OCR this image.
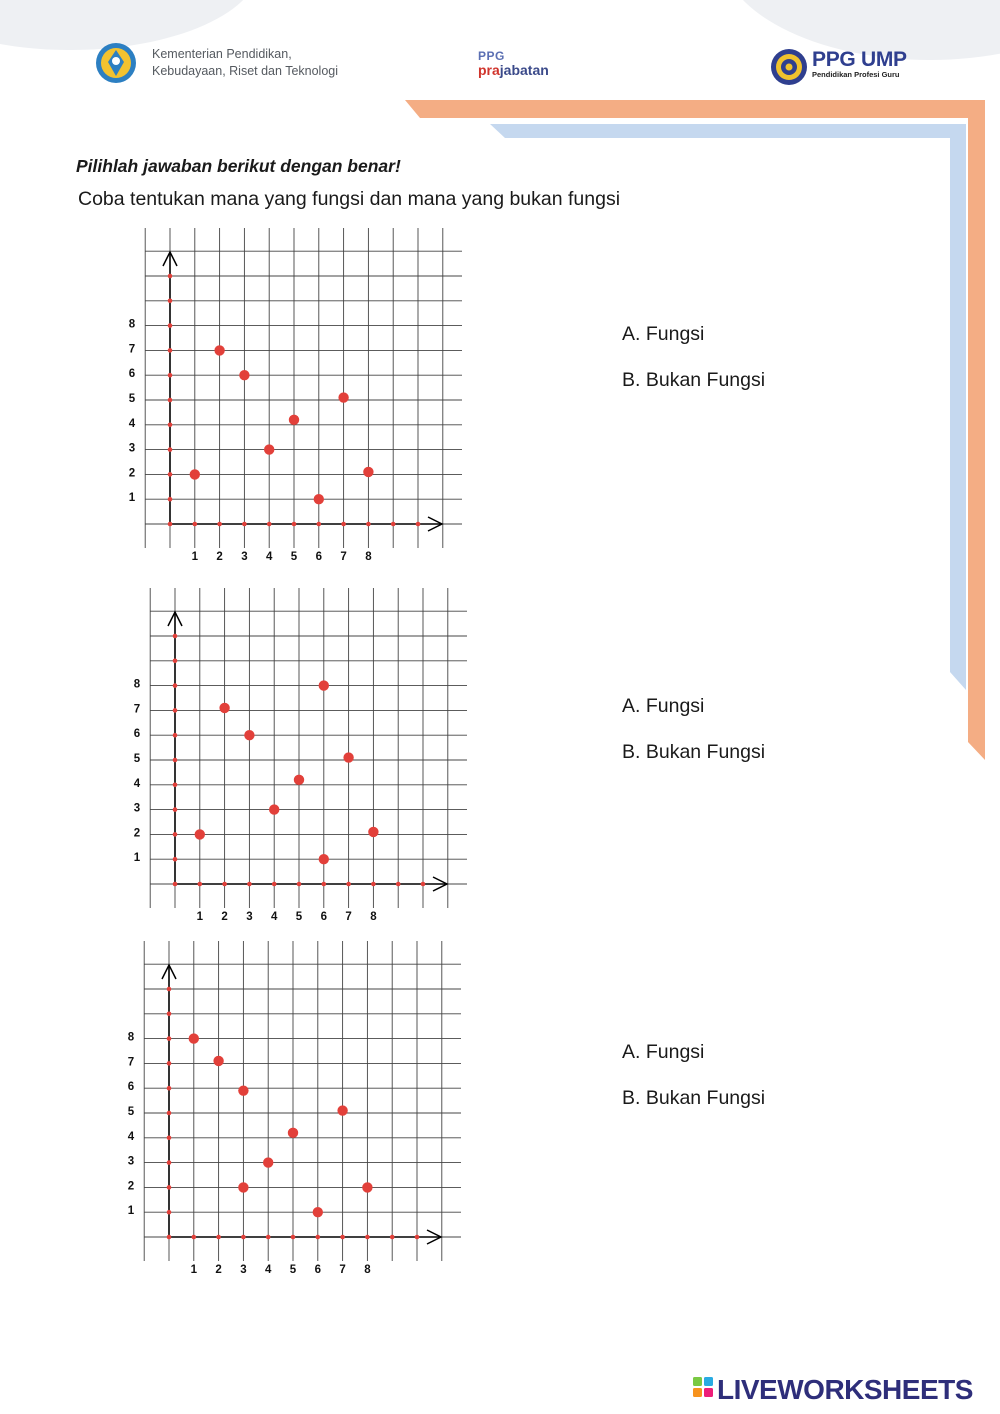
Kementerian Pendidikan,
Kebudayaan, Riset dan Teknologi
PPG
prajabatan	PPG UMP
Pendidikan Profesi Guru
Pilihlah jawaban berikut dengan benar!
Coba tentukan mana yang fungsi dan mana yang bukan fungsi
1 2 3 4 5 6 7 8
1
2
3
4
5
6
7
8
1 2 3 4 5 6 7 8
1
2
3
4
5
6
7
8
1 2 3 4 5 6 7 8
1
2
3
4
5
6
7
8
A. Fungsi
B. Bukan Fungsi
A. Fungsi
B. Bukan Fungsi
A. Fungsi
B. Bukan Fungsi
LIVEWORKSHEETS
